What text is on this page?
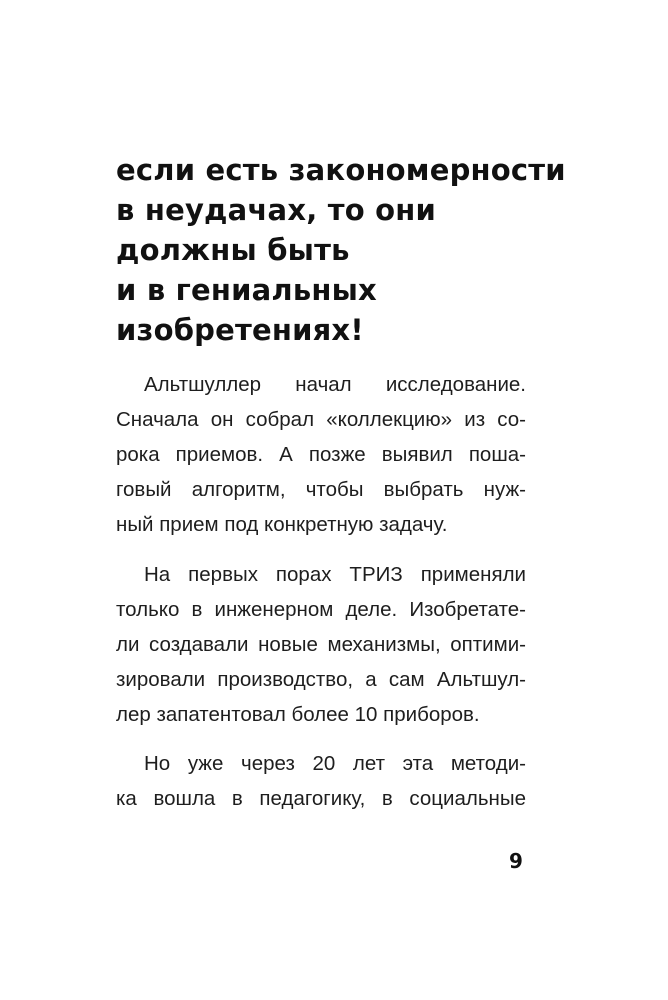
если есть закономерности
в неудачах, то они
должны быть
и в гениальных
изобретениях!
Альтшуллер начал исследование.
Сначала он собрал «коллекцию» из со-
рока приемов. А позже выявил поша-
говый алгоритм, чтобы выбрать нуж-
ный прием под конкретную задачу.
На первых порах ТРИЗ применяли
только в инженерном деле. Изобретате-
ли создавали новые механизмы, оптими-
зировали производство, а сам Альтшул-
лер запатентовал более 10 приборов.
Но уже через 20 лет эта методи-
ка вошла в педагогику, в социальные
9
